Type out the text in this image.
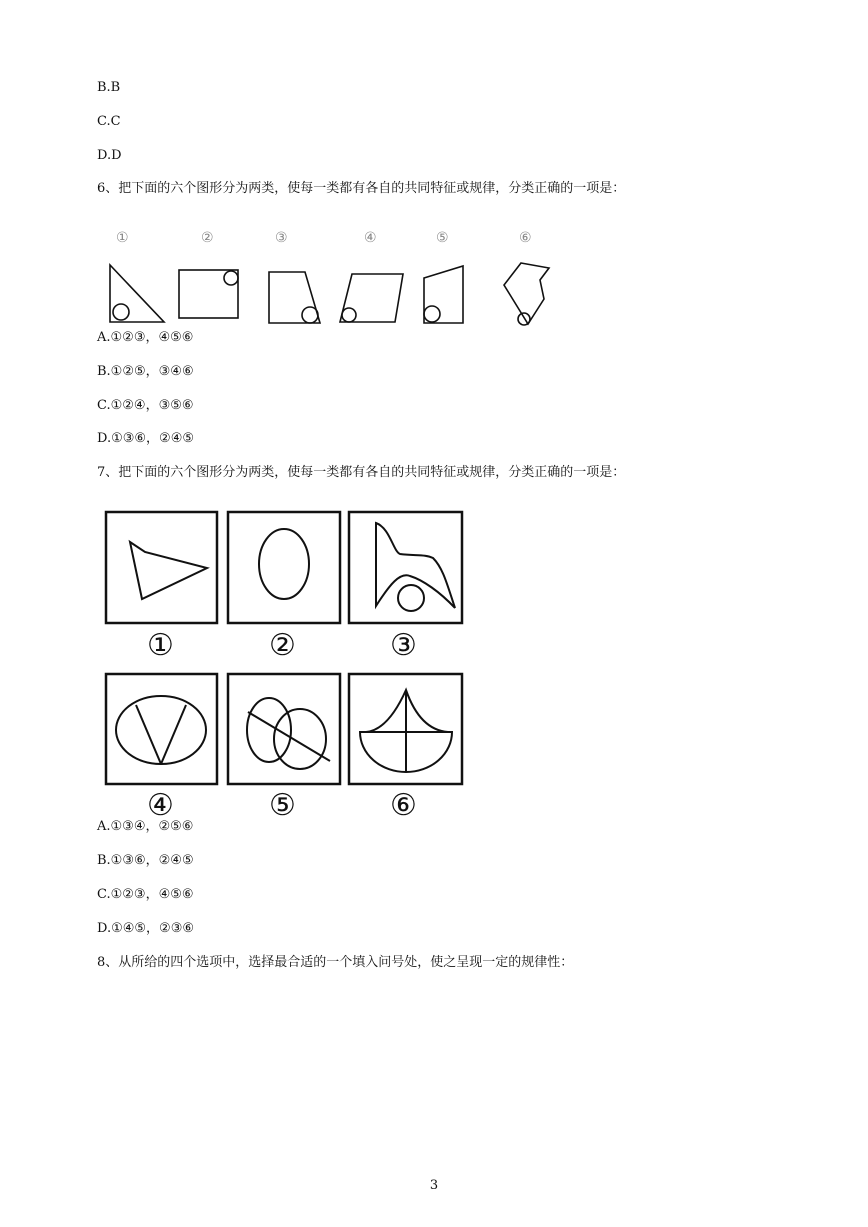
B.B
C.C
D.D
6、把下面的六个图形分为两类，使每一类都有各自的共同特征或规律，分类正确的一项是：
①	②	③	④	⑤	⑥
A.①②③，④⑤⑥
B.①②⑤，③④⑥
C.①②④，③⑤⑥
D.①③⑥，②④⑤
7、把下面的六个图形分为两类，使每一类都有各自的共同特征或规律，分类正确的一项是：
①	②	③
④	⑤	⑥
A.①③④，②⑤⑥
B.①③⑥，②④⑤
C.①②③，④⑤⑥
D.①④⑤，②③⑥
8、从所给的四个选项中，选择最合适的一个填入问号处，使之呈现一定的规律性：
3
